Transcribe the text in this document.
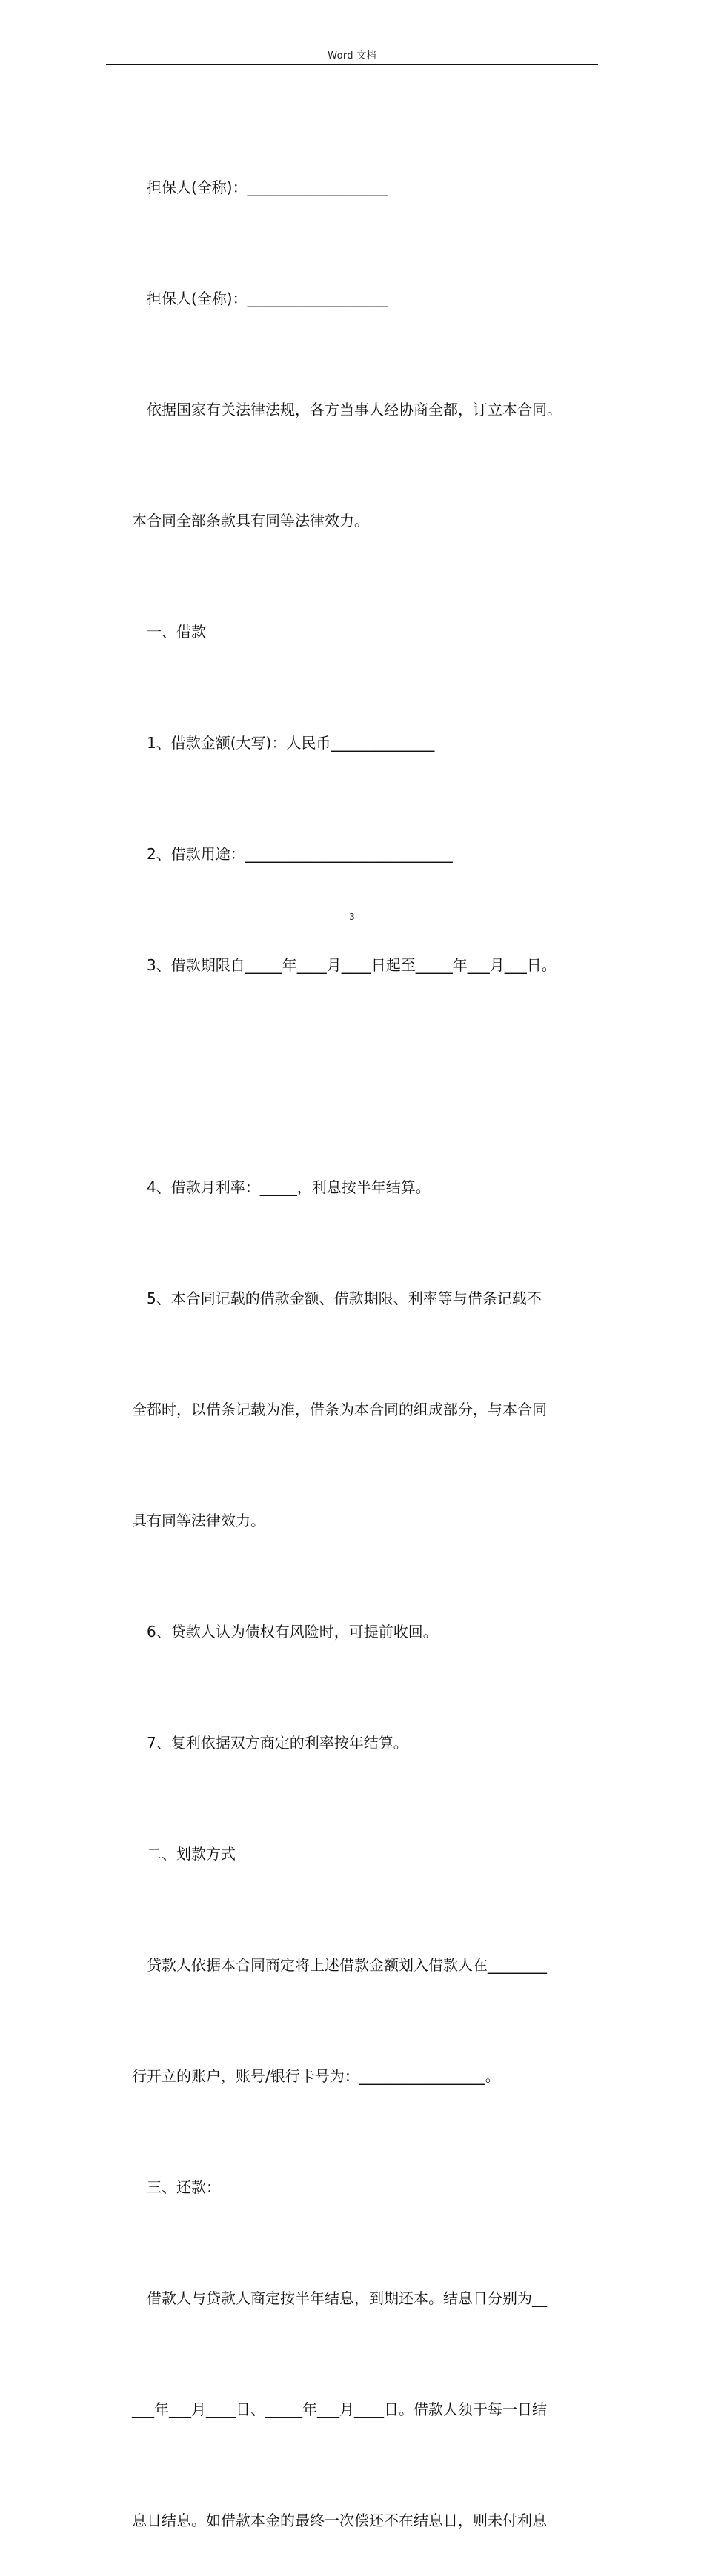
Word 文档

担保人(全称)：___________________

担保人(全称)：___________________

依据国家有关法律法规，各方当事人经协商全都，订立本合同。

本合同全部条款具有同等法律效力。

一、借款

1、借款金额(大写)：人民币______________

2、借款用途：____________________________

3、借款期限自_____年____月____日起至_____年___月___日。

4、借款月利率：_____，利息按半年结算。

5、本合同记载的借款金额、借款期限、利率等与借条记载不

全都时，以借条记载为准，借条为本合同的组成部分，与本合同

具有同等法律效力。

6、贷款人认为债权有风险时，可提前收回。

7、复利依据双方商定的利率按年结算。

二、划款方式

贷款人依据本合同商定将上述借款金额划入借款人在________

行开立的账户，账号/银行卡号为：_________________。

三、还款：

借款人与贷款人商定按半年结息，到期还本。结息日分别为__

___年___月____日、_____年___月____日。借款人须于每一日结

息日结息。如借款本金的最终一次偿还不在结息日，则未付利息

3
